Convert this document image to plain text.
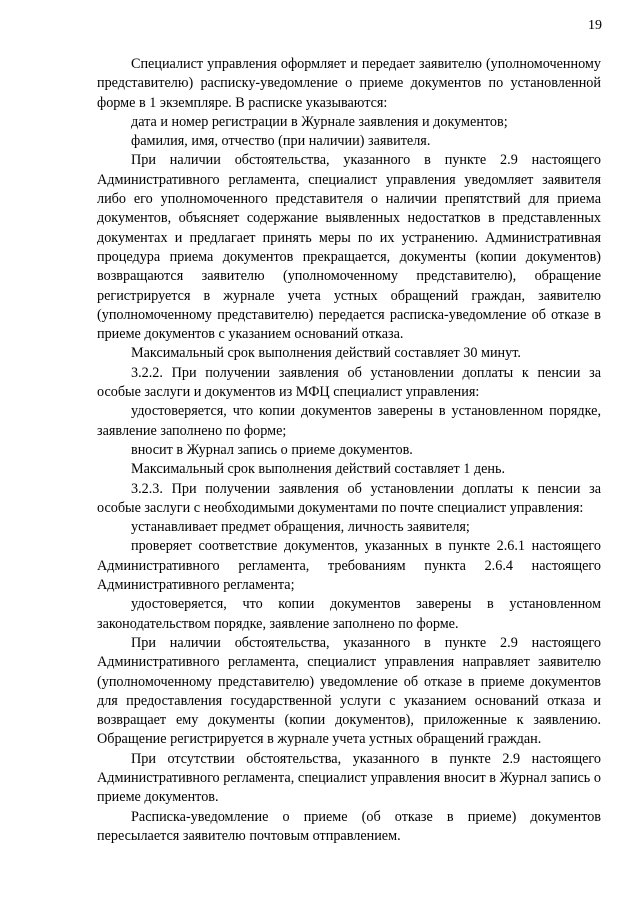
19

Специалист управления оформляет и передает заявителю (уполномоченному представителю) расписку-уведомление о приеме документов по установленной форме в 1 экземпляре. В расписке указываются:

дата и номер регистрации в Журнале заявления и документов;

фамилия, имя, отчество (при наличии) заявителя.

При наличии обстоятельства, указанного в пункте 2.9 настоящего Административного регламента, специалист управления уведомляет заявителя либо его уполномоченного представителя о наличии препятствий для приема документов, объясняет содержание выявленных недостатков в представленных документах и предлагает принять меры по их устранению. Административная процедура приема документов прекращается, документы (копии документов) возвращаются заявителю (уполномоченному представителю), обращение регистрируется в журнале учета устных обращений граждан, заявителю (уполномоченному представителю) передается расписка-уведомление об отказе в приеме документов с указанием оснований отказа.

Максимальный срок выполнения действий составляет 30 минут.

3.2.2. При получении заявления об установлении доплаты к пенсии за особые заслуги и документов из МФЦ специалист управления:

удостоверяется, что копии документов заверены в установленном порядке, заявление заполнено по форме;

вносит в Журнал запись о приеме документов.

Максимальный срок выполнения действий составляет 1 день.

3.2.3. При получении заявления об установлении доплаты к пенсии за особые заслуги с необходимыми документами по почте специалист управления:

устанавливает предмет обращения, личность заявителя;

проверяет соответствие документов, указанных в пункте 2.6.1 настоящего Административного регламента, требованиям пункта 2.6.4 настоящего Административного регламента;

удостоверяется, что копии документов заверены в установленном законодательством порядке, заявление заполнено по форме.

При наличии обстоятельства, указанного в пункте 2.9 настоящего Административного регламента, специалист управления направляет заявителю (уполномоченному представителю) уведомление об отказе в приеме документов для предоставления государственной услуги с указанием оснований отказа и возвращает ему документы (копии документов), приложенные к заявлению. Обращение регистрируется в журнале учета устных обращений граждан.

При отсутствии обстоятельства, указанного в пункте 2.9 настоящего Административного регламента, специалист управления вносит в Журнал запись о приеме документов.

Расписка-уведомление о приеме (об отказе в приеме) документов пересылается заявителю почтовым отправлением.
